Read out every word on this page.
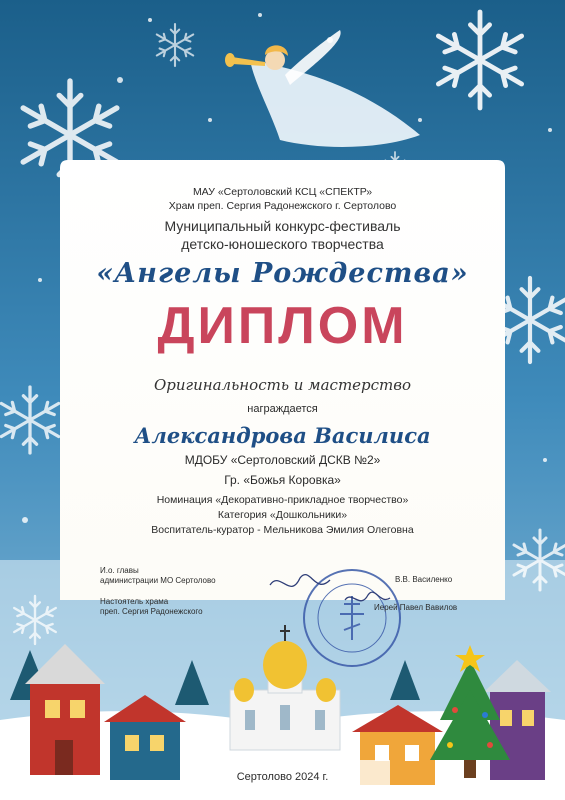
МАУ «Сертоловский КСЦ «СПЕКТР»
Храм преп. Сергия Радонежского г. Сертолово
Муниципальный конкурс-фестиваль
детско-юношеского творчества
«Ангелы Рождества»
ДИПЛОМ
Оригинальность и мастерство
награждается
Александрова Василиса
МДОБУ «Сертоловский ДСКВ №2»
Гр. «Божья Коровка»
Номинация «Декоративно-прикладное творчество»
Категория «Дошкольники»
Воспитатель-куратор - Мельникова Эмилия Олеговна
И.о. главы
администрации МО Сертолово	В.В. Василенко
Настоятель храма
преп. Сергия Радонежского	Иерей Павел Вавилов
Сертолово 2024 г.
